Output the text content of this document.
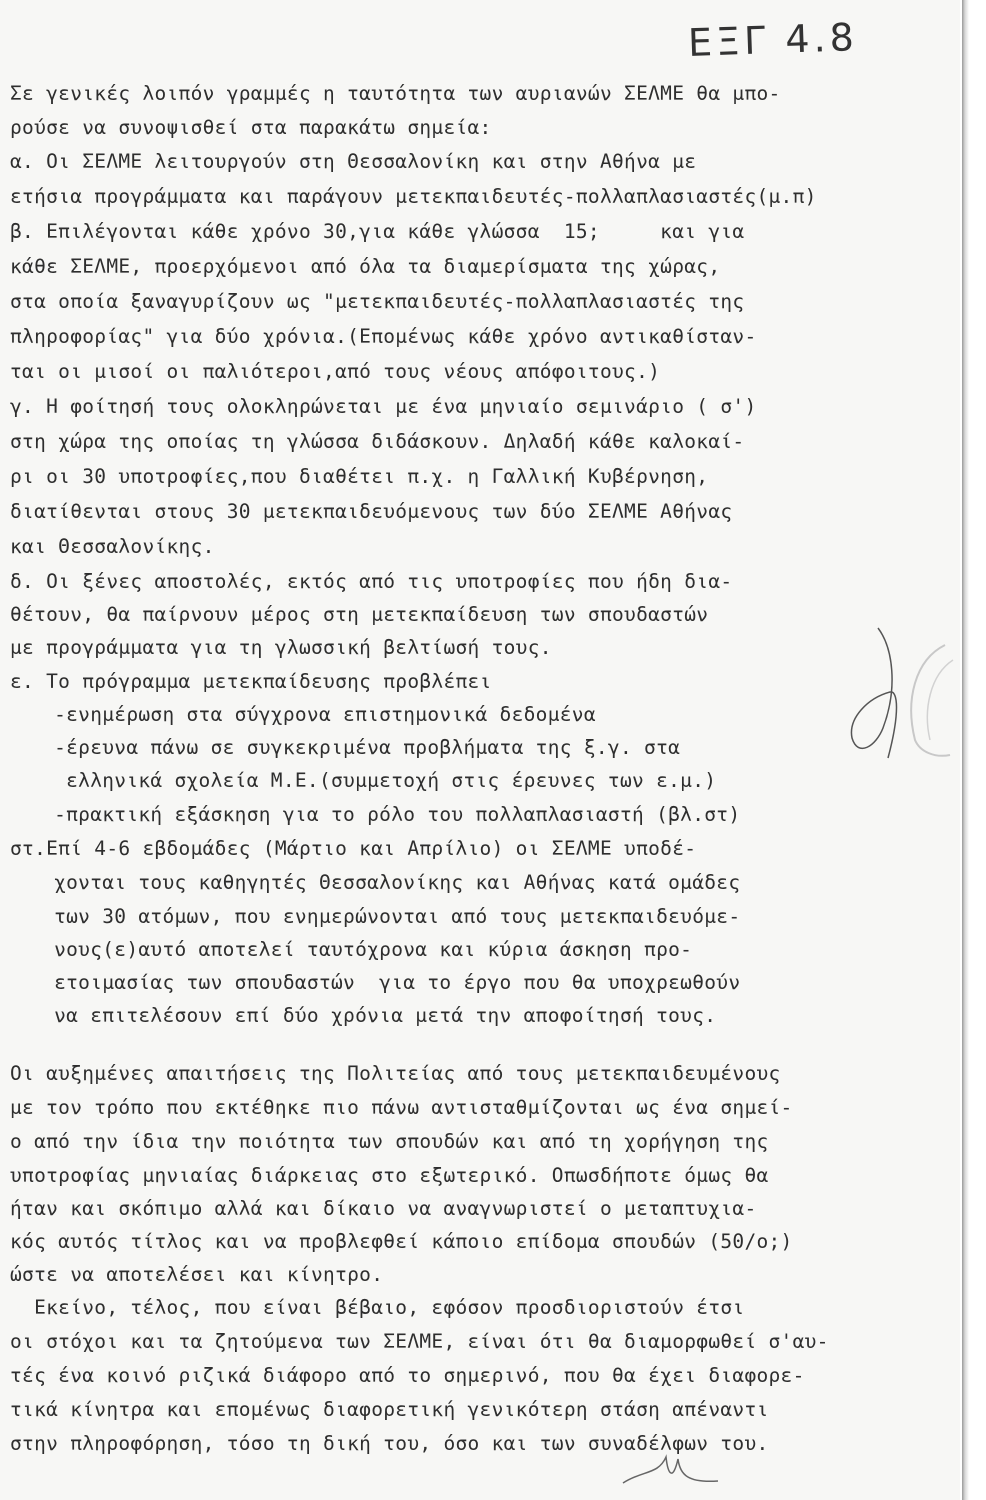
ΕΞΓ 4.8
Σε γενικές λοιπόν γραμμές η ταυτότητα των αυριανών ΣΕΛΜΕ θα μπο-
ρούσε να συνοψισθεί στα παρακάτω σημεία:
α. Οι ΣΕΛΜΕ λειτουργούν στη Θεσσαλονίκη και στην Αθήνα με
ετήσια προγράμματα και παράγουν μετεκπαιδευτές-πολλαπλασιαστές(μ.π)
β. Επιλέγονται κάθε χρόνο 30,για κάθε γλώσσα  15;     και για
κάθε ΣΕΛΜΕ, προερχόμενοι από όλα τα διαμερίσματα της χώρας,
στα οποία ξαναγυρίζουν ως "μετεκπαιδευτές-πολλαπλασιαστές της
πληροφορίας" για δύο χρόνια.(Επομένως κάθε χρόνο αντικαθίσταν-
ται οι μισοί οι παλιότεροι,από τους νέους απόφοιτους.)
γ. Η φοίτησή τους ολοκληρώνεται με ένα μηνιαίο σεμινάριο ( σ')
στη χώρα της οποίας τη γλώσσα διδάσκουν. Δηλαδή κάθε καλοκαί-
ρι οι 30 υποτροφίες,που διαθέτει π.χ. η Γαλλική Κυβέρνηση,
διατίθενται στους 30 μετεκπαιδευόμενους των δύο ΣΕΛΜΕ Αθήνας
και Θεσσαλονίκης.
δ. Οι ξένες αποστολές, εκτός από τις υποτροφίες που ήδη δια-
θέτουν, θα παίρνουν μέρος στη μετεκπαίδευση των σπουδαστών
με προγράμματα για τη γλωσσική βελτίωσή τους.
ε. Το πρόγραμμα μετεκπαίδευσης προβλέπει
-ενημέρωση στα σύγχρονα επιστημονικά δεδομένα
-έρευνα πάνω σε συγκεκριμένα προβλήματα της ξ.γ. στα
ελληνικά σχολεία Μ.Ε.(συμμετοχή στις έρευνες των ε.μ.)
-πρακτική εξάσκηση για το ρόλο του πολλαπλασιαστή (βλ.στ)
στ.Επί 4-6 εβδομάδες (Μάρτιο και Απρίλιο) οι ΣΕΛΜΕ υποδέ-
χονται τους καθηγητές Θεσσαλονίκης και Αθήνας κατά ομάδες
των 30 ατόμων, που ενημερώνονται από τους μετεκπαιδευόμε-
νους(ε)αυτό αποτελεί ταυτόχρονα και κύρια άσκηση προ-
ετοιμασίας των σπουδαστών  για το έργο που θα υποχρεωθούν
να επιτελέσουν επί δύο χρόνια μετά την αποφοίτησή τους.
Οι αυξημένες απαιτήσεις της Πολιτείας από τους μετεκπαιδευμένους
με τον τρόπο που εκτέθηκε πιο πάνω αντισταθμίζονται ως ένα σημεί-
ο από την ίδια την ποιότητα των σπουδών και από τη χορήγηση της
υποτροφίας μηνιαίας διάρκειας στο εξωτερικό. Οπωσδήποτε όμως θα
ήταν και σκόπιμο αλλά και δίκαιο να αναγνωριστεί ο μεταπτυχια-
κός αυτός τίτλος και να προβλεφθεί κάποιο επίδομα σπουδών (50/ο;)
ώστε να αποτελέσει και κίνητρο.
Εκείνο, τέλος, που είναι βέβαιο, εφόσον προσδιοριστούν έτσι
οι στόχοι και τα ζητούμενα των ΣΕΛΜΕ, είναι ότι θα διαμορφωθεί σ'αυ-
τές ένα κοινό ριζικά διάφορο από το σημερινό, που θα έχει διαφορε-
τικά κίνητρα και επομένως διαφορετική γενικότερη στάση απέναντι
στην πληροφόρηση, τόσο τη δική του, όσο και των συναδέλφων του.
